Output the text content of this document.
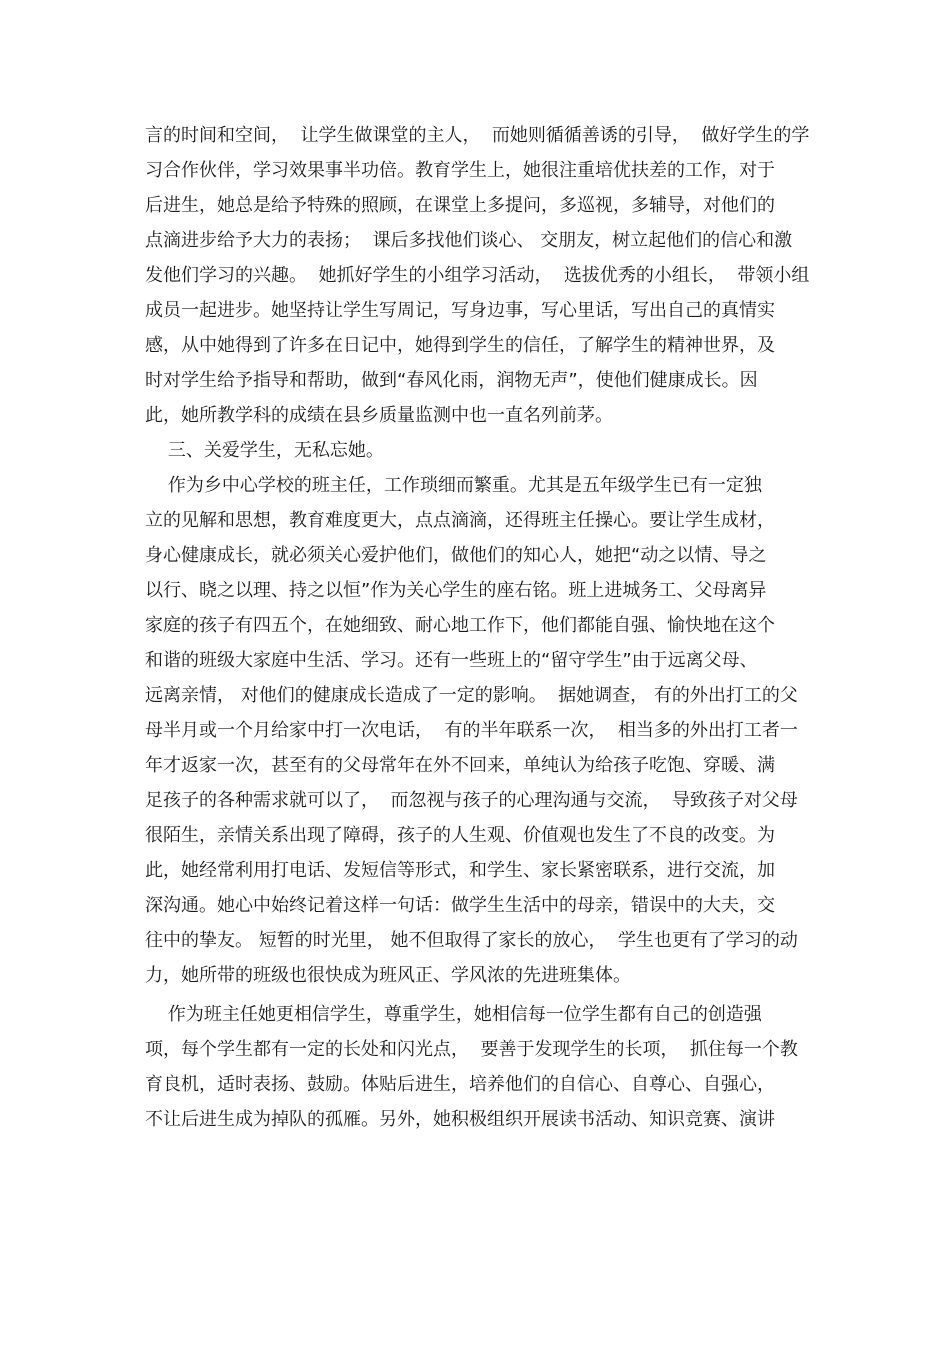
言的时间和空间，  让学生做课堂的主人，  而她则循循善诱的引导，  做好学生的学
习合作伙伴，学习效果事半功倍。教育学生上，她很注重培优扶差的工作，对于
后进生，她总是给予特殊的照顾，在课堂上多提问，多巡视，多辅导，对他们的
点滴进步给予大力的表扬；  课后多找他们谈心、 交朋友，树立起他们的信心和激
发他们学习的兴趣。  她抓好学生的小组学习活动，  选拔优秀的小组长，  带领小组
成员一起进步。她坚持让学生写周记，写身边事，写心里话，写出自己的真情实
感，从中她得到了许多在日记中，她得到学生的信任，了解学生的精神世界，及
时对学生给予指导和帮助，做到“春风化雨，润物无声”，使他们健康成长。因
此，她所教学科的成绩在县乡质量监测中也一直名列前茅。
三、关爱学生，无私忘她。
作为乡中心学校的班主任，工作琐细而繁重。尤其是五年级学生已有一定独
立的见解和思想，教育难度更大，点点滴滴，还得班主任操心。要让学生成材，
身心健康成长，就必须关心爱护他们，做他们的知心人，她把“动之以情、导之
以行、晓之以理、持之以恒”作为关心学生的座右铭。班上进城务工、父母离异
家庭的孩子有四五个，在她细致、耐心地工作下，他们都能自强、愉快地在这个
和谐的班级大家庭中生活、学习。还有一些班上的“留守学生”由于远离父母、
远离亲情， 对他们的健康成长造成了一定的影响。  据她调查， 有的外出打工的父
母半月或一个月给家中打一次电话，  有的半年联系一次，  相当多的外出打工者一
年才返家一次，甚至有的父母常年在外不回来，单纯认为给孩子吃饱、穿暖、满
足孩子的各种需求就可以了，  而忽视与孩子的心理沟通与交流，  导致孩子对父母
很陌生，亲情关系出现了障碍，孩子的人生观、价值观也发生了不良的改变。为
此，她经常利用打电话、发短信等形式，和学生、家长紧密联系，进行交流，加
深沟通。她心中始终记着这样一句话：做学生生活中的母亲，错误中的大夫，交
往中的挚友。 短暂的时光里， 她不但取得了家长的放心，  学生也更有了学习的动
力，她所带的班级也很快成为班风正、学风浓的先进班集体。
作为班主任她更相信学生，尊重学生，她相信每一位学生都有自己的创造强
项，每个学生都有一定的长处和闪光点，  要善于发现学生的长项，  抓住每一个教
育良机，适时表扬、鼓励。体贴后进生，培养他们的自信心、自尊心、自强心，
不让后进生成为掉队的孤雁。另外，她积极组织开展读书活动、知识竞赛、演讲
